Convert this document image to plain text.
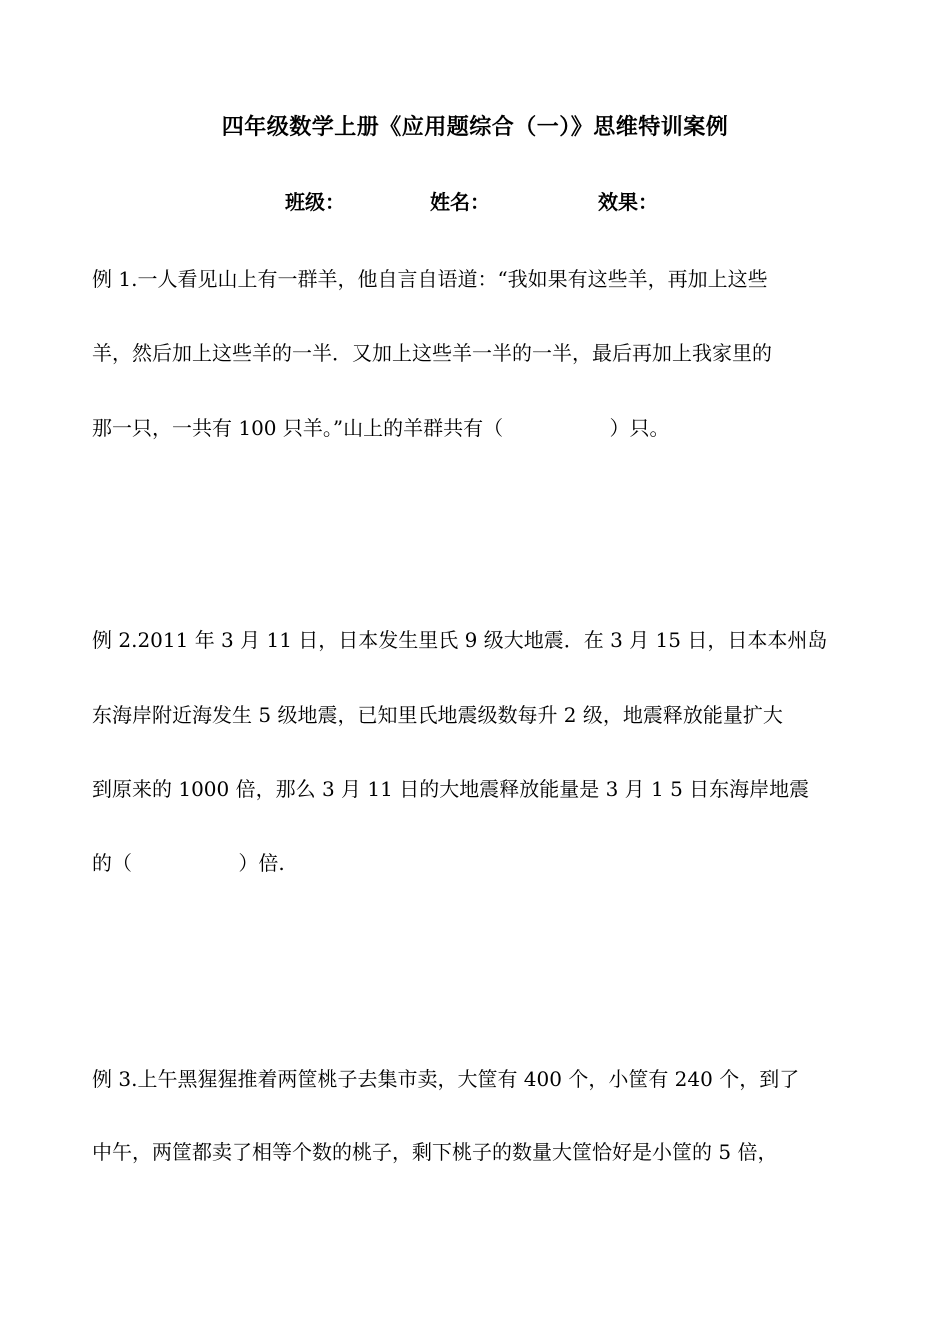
四年级数学上册《应用题综合（一）》思维特训案例
班级：	姓名：	效果：
例 1.一人看见山上有一群羊，他自言自语道：“我如果有这些羊，再加上这些
羊，然后加上这些羊的一半．又加上这些羊一半的一半，最后再加上我家里的
那一只，一共有 100 只羊。”山上的羊群共有（　　　　　 ）只。
例 2.2011 年 3 月 11 日，日本发生里氏 9 级大地震．在 3 月 15 日，日本本州岛
东海岸附近海发生 5 级地震，已知里氏地震级数每升 2 级，地震释放能量扩大
到原来的 1000 倍，那么 3 月 11 日的大地震释放能量是 3 月 1 5 日东海岸地震
的（　　　　　 ）倍.
例 3.上午黑猩猩推着两筐桃子去集市卖，大筐有 400 个，小筐有 240 个，到了
中午，两筐都卖了相等个数的桃子，剩下桃子的数量大筐恰好是小筐的 5 倍，
